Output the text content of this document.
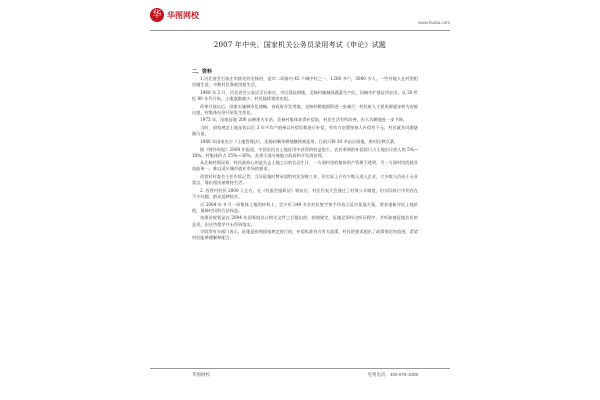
华 华图网校
www.huatu.com
2007 年中央、国家机关公务员录用考试《申论》试题
二、资料

1.河北省会石家庄市辖北的北杨村，是市二环路内 45 个城中村之一，1200 多户，3000 多人，一些外地人在村里租房做生意，多数村民靠收房租生活。

1968 年 2 月，河北省会公安近至石家庄，市区强征耕地，北杨村属城郊蔬菜生产队，因城市扩建征用农田，从 20 世纪 80 年代开始，土地逐渐减少，村民陆续建房出租。

改革开放以后，国家实施城市化战略，省政府开发用地，北杨村耕地面积进一步减少，村民收入主要来源逐步转为房屋出租，村集体经济开始发生变化。

1975 年，国家征地 200 亩修建火车站，北杨村集体获得补偿款，村民生活有所改善，但人均耕地进一步下降。

当时，国家规定土地征收以后 3 年平均产值乘以补偿倍数进行补偿，劳动力安置按每人补偿若干元，村民就业问题逐渐凸显。

1986 年国家出台《土地管理法》，北杨村剩余耕地继续被征用，目前只剩 30 多亩自留地，供村民种点菜。

据《财经时报》2004 年报道，中国农民自土地征用中获得的收益很少，农民拿到的补偿款只占土地出让收入的 5%—10%，村集体约占 25%—30%，其余大部分被地方政府和开发商获得。

从北杨村情况看，村民最担心的是失去土地之后的长远生计，一方面村里的集体资产管理不透明，另一方面村民的就业技能单一，难以适应城市就业市场的要求。

西营村村委会主任告诉记者，当年征地时曾承诺给村民安排工作，但实际上只有少数人进入企业，大多数人仍处于无业状态，靠出租房屋维持生活。

2. 西营村村民 2000 人左右，在《村委会组织法》颁布后，村民代表大会通过了村务公开制度，但实际执行中仍存在不少问题，群众反映较多。

自 2004 年 4 月一份集体土地的材料上，至少有 348 多名村民签字按手印表示反对征地方案，要求重新评估土地价值，保障村民的合法权益。

该建设规划是在 2004 年国务院出台相关文件之后提出的，按照规定，征地必须经过听证程序，并听取被征地农民的意见，但这些程序并未得到落实。

学院等有关部门表示，征地是按照国家规定进行的，补偿标准符合有关政策，村民的要求超出了政策规定的范围，希望村民能够理解和配合。

华图网校	免费电话：400-678-1009
